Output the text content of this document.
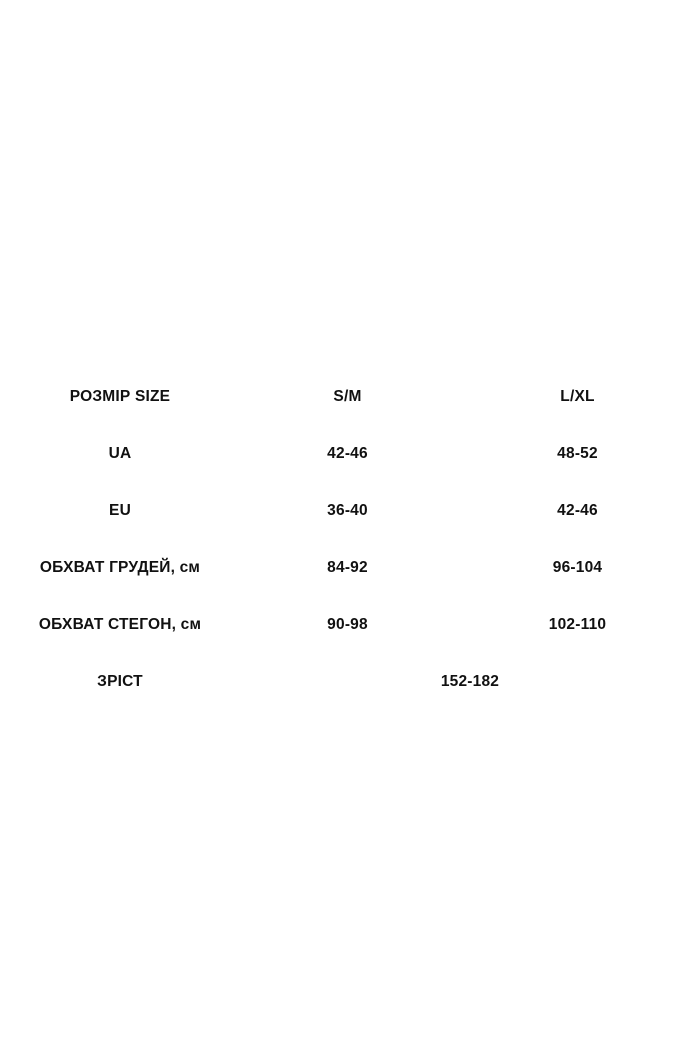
РОЗМІР SIZE	S/M	L/XL
UA	42-46	48-52
EU	36-40	42-46
ОБХВАТ ГРУДЕЙ, см	84-92	96-104
ОБХВАТ СТЕГОН, см	90-98	102-110
ЗРІСТ	152-182	
